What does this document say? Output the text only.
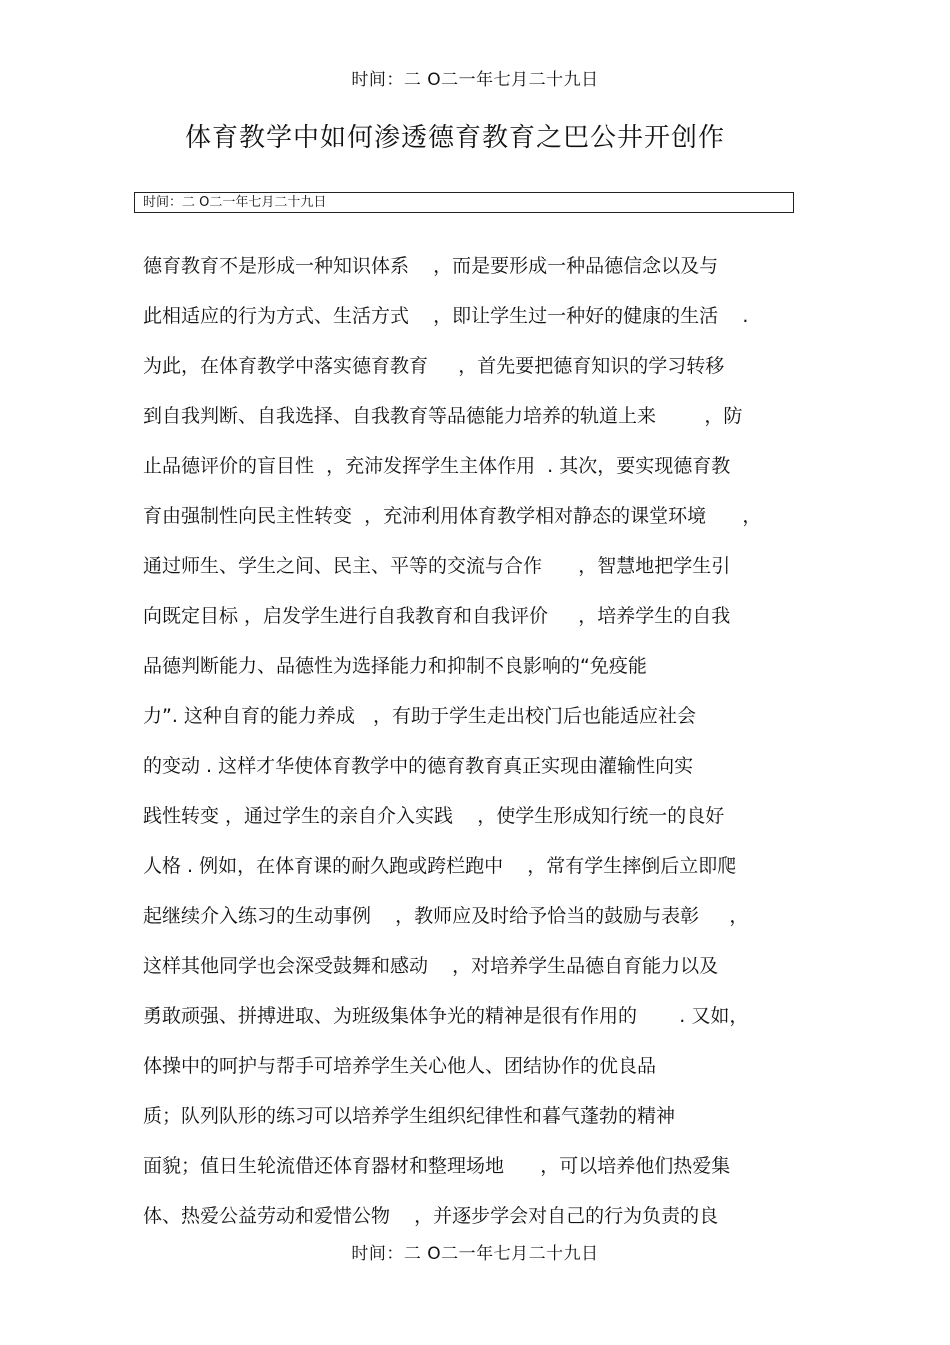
时间：二 O二一年七月二十九日
体育教学中如何渗透德育教育之巴公井开创作
时间：二 O二一年七月二十九日
德育教育不是形成一种知识体系    ，而是要形成一种品德信念以及与
此相适应的行为方式、生活方式    ，即让学生过一种好的健康的生活    .
为此，在体育教学中落实德育教育     ，首先要把德育知识的学习转移
到自我判断、自我选择、自我教育等品德能力培养的轨道上来        ，防
止品德评价的盲目性  ，充沛发挥学生主体作用  . 其次，要实现德育教
育由强制性向民主性转变  ，充沛利用体育教学相对静态的课堂环境      ，
通过师生、学生之间、民主、平等的交流与合作      ，智慧地把学生引
向既定目标 ，启发学生进行自我教育和自我评价     ，培养学生的自我
品德判断能力、品德性为选择能力和抑制不良影响的“免疫能
力”. 这种自育的能力养成   ，有助于学生走出校门后也能适应社会
的变动 . 这样才华使体育教学中的德育教育真正实现由灌输性向实
践性转变 ，通过学生的亲自介入实践    ，使学生形成知行统一的良好
人格 . 例如，在体育课的耐久跑或跨栏跑中    ，常有学生摔倒后立即爬
起继续介入练习的生动事例    ，教师应及时给予恰当的鼓励与表彰     ，
这样其他同学也会深受鼓舞和感动    ，对培养学生品德自育能力以及
勇敢顽强、拼搏进取、为班级集体争光的精神是很有作用的       . 又如，
体操中的呵护与帮手可培养学生关心他人、团结协作的优良品
质；队列队形的练习可以培养学生组织纪律性和暮气蓬勃的精神
面貌；值日生轮流借还体育器材和整理场地      ，可以培养他们热爱集
体、热爱公益劳动和爱惜公物    ，并逐步学会对自己的行为负责的良
时间：二 O二一年七月二十九日
